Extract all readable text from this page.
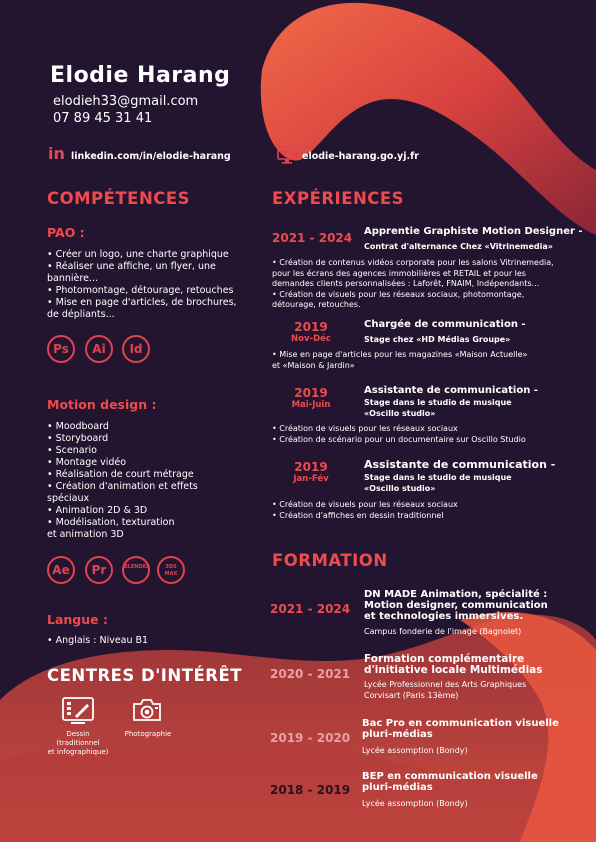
Elodie Harang
elodieh33@gmail.com
07 89 45 31 41
in linkedin.com/in/elodie-harang	elodie-harang.go.yj.fr
COMPÉTENCES
PAO :
• Créer un logo, une charte graphique
• Réaliser une affiche, un flyer, une
bannière...
• Photomontage, détourage, retouches
• Mise en page d'articles, de brochures,
de dépliants...
Ps	Ai	Id
Motion design :
• Moodboard
• Storyboard
• Scenario
• Montage vidéo
• Réalisation de court métrage
• Création d'animation et effets
spéciaux
• Animation 2D & 3D
• Modélisation, texturation
et animation 3D
Ae	Pr	BLENDER	3DS MAX
Langue :
• Anglais : Niveau B1
CENTRES D'INTÉRÊT
Dessin
(traditionnel
et infographique)
Photographie
EXPÉRIENCES
2021 - 2024 Apprentie Graphiste Motion Designer -
Contrat d'alternance Chez «Vitrinemedia»
• Création de contenus vidéos corporate pour les salons Vitrinemedia,
pour les écrans des agences immobilières et RETAIL et pour les
demandes clients personnalisées : Laforêt, FNAIM, Indépendants...
• Création de visuels pour les réseaux sociaux, photomontage,
détourage, retouches.
2019
Nov-Déc
Chargée de communication -
Stage chez «HD Médias Groupe»
• Mise en page d'articles pour les magazines «Maison Actuelle»
et «Maison & Jardin»
2019
Mai-Juin
Assistante de communication -
Stage dans le studio de musique
«Oscillo studio»
• Création de visuels pour les réseaux sociaux
• Création de scénario pour un documentaire sur Oscillo Studio
2019
Jan-Fév
Assistante de communication -
Stage dans le studio de musique
«Oscillo studio»
• Création de visuels pour les réseaux sociaux
• Création d'affiches en dessin traditionnel
FORMATION
2021 - 2024
DN MADE Animation, spécialité :
Motion designer, communication
et technologies immersives.
Campus fonderie de l'image (Bagnolet)
2020 - 2021
Formation complémentaire
d'initiative locale Multimédias
Lycée Professionnel des Arts Graphiques
Corvisart (Paris 13ème)
2019 - 2020
Bac Pro en communication visuelle
pluri-médias
Lycée assomption (Bondy)
2018 - 2019
BEP en communication visuelle
pluri-médias
Lycée assomption (Bondy)
